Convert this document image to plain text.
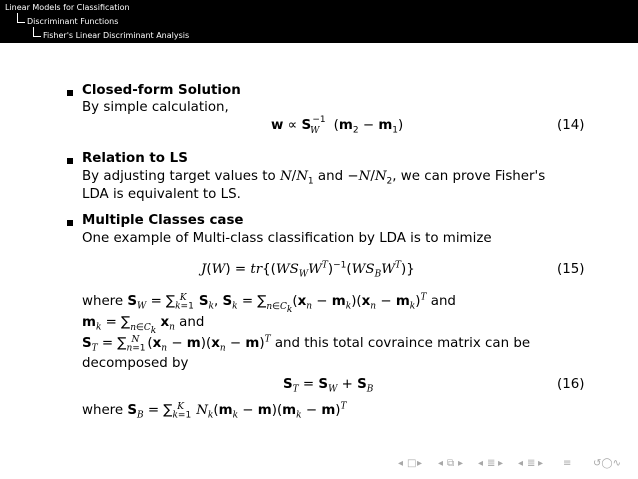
Linear Models for Classification
Discriminant Functions
Fisher's Linear Discriminant Analysis
Closed-form Solution
By simple calculation,
$w \propto S_W^{-1}$ $(m_2 - m_1)$	(14)
Relation to LS
By adjusting target values to $N/N_1$ and $-N/N_2$, we can prove Fisher's
LDA is equivalent to LS.
Multiple Classes case
One example of Multi-class classification by LDA is to mimize
$J(W) = tr\{(WS_WW^T)^{-1}(WS_BW^T)\}$	(15)
where $S_W = \sum_{k=1}^K$ $S_k$, $S_k = \sum_{n\in C_k}(x_n - m_k)(x_n - m_k)^T$ and
$m_k = \sum_{n\in C_k}$ $x_n$ and
$S_T = \sum_{n=1}^N$ $(x_n - m)(x_n - m)^T$ and this total covraince matrix can be
decomposed by
$S_T = S_W + S_B$	(16)
where $S_B = \sum_{k=1}^K$ $N_k(m_k - m)(m_k - m)^T$
◂ □ ▸ ◂ ⧉ ▸ ◂ ≣ ▸ ◂ ≣ ▸ ≡ ↺◯∿
